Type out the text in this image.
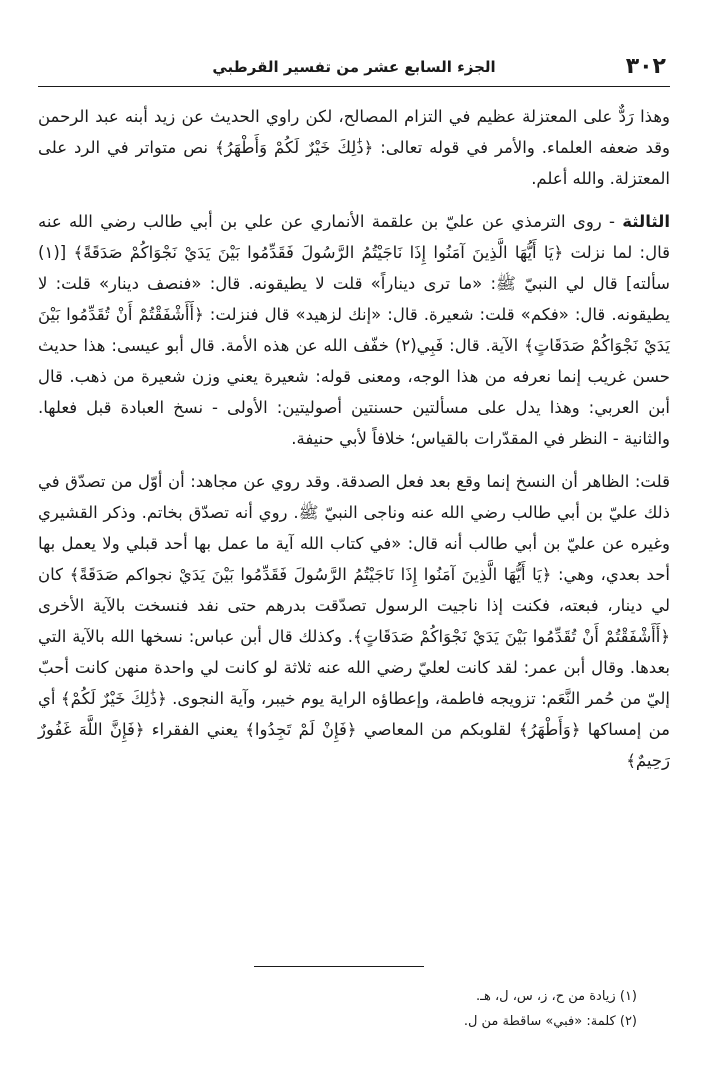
٣٠٢
الجزء السابع عشر من تفسير القرطبي

وهذا رَدٌّ على المعتزلة عظيم في التزام المصالح، لكن راوي الحديث عن زيد أبنه عبد الرحمن وقد ضعفه العلماء. والأمر في قوله تعالى: ﴿ذَٰلِكَ خَيْرٌ لَكُمْ وَأَطْهَرُ﴾ نص متواتر في الرد على المعتزلة. والله أعلم.

الثالثة - روى الترمذي عن عليّ بن علقمة الأنماري عن علي بن أبي طالب رضي الله عنه قال: لما نزلت ﴿يَا أَيُّهَا الَّذِينَ آمَنُوا إِذَا نَاجَيْتُمُ الرَّسُولَ فَقَدِّمُوا بَيْنَ يَدَيْ نَجْوَاكُمْ صَدَقَةً﴾ [(١) سألته] قال لي النبيّ ﷺ: «ما ترى ديناراً» قلت لا يطيقونه. قال: «فنصف دينار» قلت: لا يطيقونه. قال: «فكم» قلت: شعيرة. قال: «إنك لزهيد» قال فنزلت: ﴿أَأَشْفَقْتُمْ أَنْ تُقَدِّمُوا بَيْنَ يَدَيْ نَجْوَاكُمْ صَدَقَاتٍ﴾ الآية. قال: فَبِي(٢) خفّف الله عن هذه الأمة. قال أبو عيسى: هذا حديث حسن غريب إنما نعرفه من هذا الوجه، ومعنى قوله: شعيرة يعني وزن شعيرة من ذهب. قال أبن العربي: وهذا يدل على مسألتين حسنتين أصوليتين: الأولى - نسخ العبادة قبل فعلها. والثانية - النظر في المقدّرات بالقياس؛ خلافاً لأبي حنيفة.

قلت: الظاهر أن النسخ إنما وقع بعد فعل الصدقة. وقد روي عن مجاهد: أن أوّل من تصدّق في ذلك عليّ بن أبي طالب رضي الله عنه وناجى النبيّ ﷺ. روي أنه تصدّق بخاتم. وذكر القشيري وغيره عن عليّ بن أبي طالب أنه قال: «في كتاب الله آية ما عمل بها أحد قبلي ولا يعمل بها أحد بعدي، وهي: ﴿يَا أَيُّهَا الَّذِينَ آمَنُوا إِذَا نَاجَيْتُمُ الرَّسُولَ فَقَدِّمُوا بَيْنَ يَدَيْ نجواكم صَدَقَةً﴾ كان لي دينار، فبعته، فكنت إذا ناجيت الرسول تصدّقت بدرهم حتى نفد فنسخت بالآية الأخرى ﴿أَأَشْفَقْتُمْ أَنْ تُقَدِّمُوا بَيْنَ يَدَيْ نَجْوَاكُمْ صَدَقَاتٍ﴾. وكذلك قال أبن عباس: نسخها الله بالآية التي بعدها. وقال أبن عمر: لقد كانت لعليّ رضي الله عنه ثلاثة لو كانت لي واحدة منهن كانت أحبّ إليّ من حُمر النَّعَم: تزويجه فاطمة، وإعطاؤه الراية يوم خيبر، وآية النجوى. ﴿ذَٰلِكَ خَيْرٌ لَكُمْ﴾ أي من إمساكها ﴿وَأَطْهَرُ﴾ لقلوبكم من المعاصي ﴿فَإِنْ لَمْ تَجِدُوا﴾ يعني الفقراء ﴿فَإِنَّ اللَّهَ غَفُورٌ رَحِيمٌ﴾

(١) زيادة من ح، ز، س، ل، هـ.
(٢) كلمة: «فبي» ساقطة من ل.
